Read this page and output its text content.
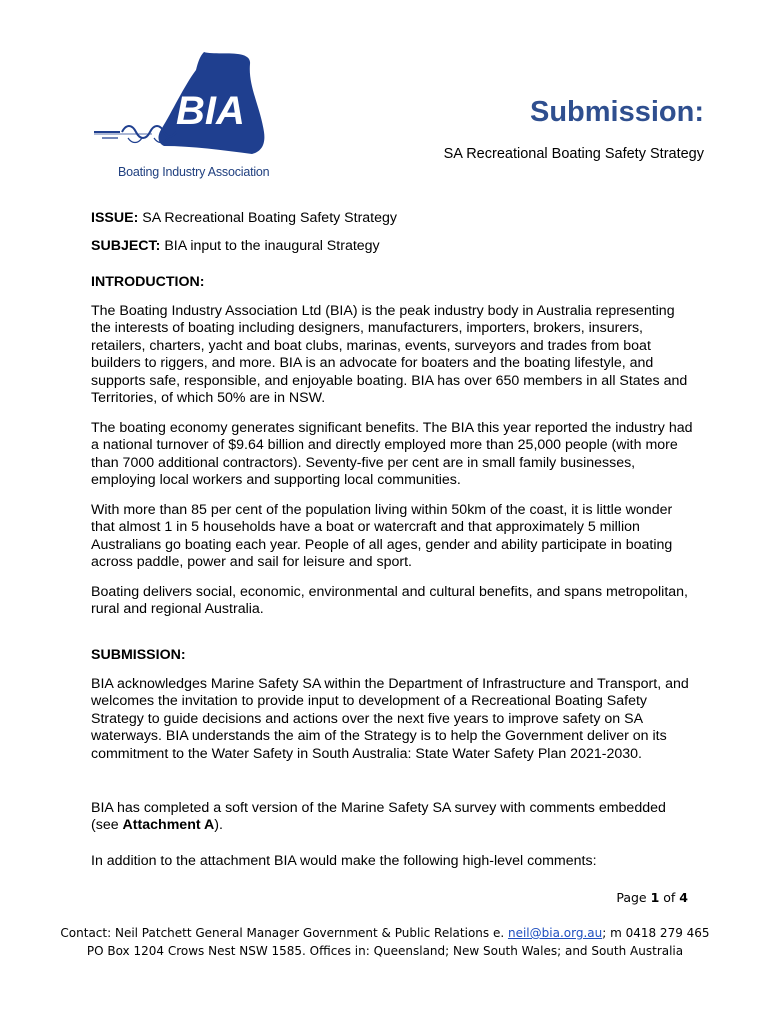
BIA
Boating Industry Association
Submission:
SA Recreational Boating Safety Strategy
ISSUE: SA Recreational Boating Safety Strategy
SUBJECT: BIA input to the inaugural Strategy
INTRODUCTION:
The Boating Industry Association Ltd (BIA) is the peak industry body in Australia representing the interests of boating including designers, manufacturers, importers, brokers, insurers, retailers, charters, yacht and boat clubs, marinas, events, surveyors and trades from boat builders to riggers, and more. BIA is an advocate for boaters and the boating lifestyle, and supports safe, responsible, and enjoyable boating. BIA has over 650 members in all States and Territories, of which 50% are in NSW.
The boating economy generates significant benefits. The BIA this year reported the industry had a national turnover of $9.64 billion and directly employed more than 25,000 people (with more than 7000 additional contractors). Seventy-five per cent are in small family businesses, employing local workers and supporting local communities.
With more than 85 per cent of the population living within 50km of the coast, it is little wonder that almost 1 in 5 households have a boat or watercraft and that approximately 5 million Australians go boating each year. People of all ages, gender and ability participate in boating across paddle, power and sail for leisure and sport.
Boating delivers social, economic, environmental and cultural benefits, and spans metropolitan, rural and regional Australia.
SUBMISSION:
BIA acknowledges Marine Safety SA within the Department of Infrastructure and Transport, and welcomes the invitation to provide input to development of a Recreational Boating Safety Strategy to guide decisions and actions over the next five years to improve safety on SA waterways. BIA understands the aim of the Strategy is to help the Government deliver on its commitment to the Water Safety in South Australia: State Water Safety Plan 2021-2030.
BIA has completed a soft version of the Marine Safety SA survey with comments embedded (see Attachment A).
In addition to the attachment BIA would make the following high-level comments:
Page 1 of 4
Contact: Neil Patchett General Manager Government & Public Relations e. neil@bia.org.au; m 0418 279 465
PO Box 1204 Crows Nest NSW 1585. Offices in: Queensland; New South Wales; and South Australia
